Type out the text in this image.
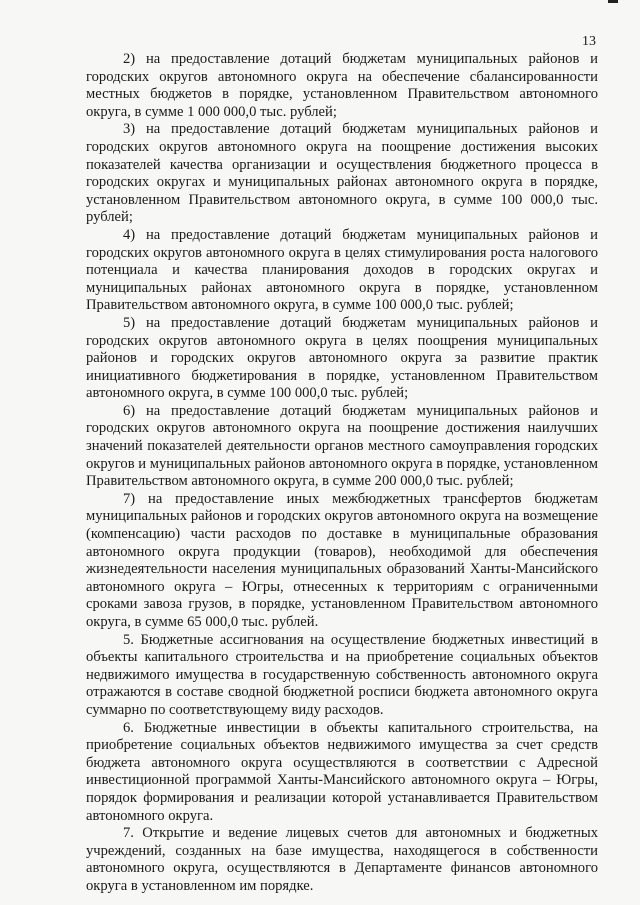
13

2) на предоставление дотаций бюджетам муниципальных районов и городских округов автономного округа на обеспечение сбалансированности местных бюджетов в порядке, установленном Правительством автономного округа, в сумме 1 000 000,0 тыс. рублей;

3) на предоставление дотаций бюджетам муниципальных районов и городских округов автономного округа на поощрение достижения высоких показателей качества организации и осуществления бюджетного процесса в городских округах и муниципальных районах автономного округа в порядке, установленном Правительством автономного округа, в сумме 100 000,0 тыс. рублей;

4) на предоставление дотаций бюджетам муниципальных районов и городских округов автономного округа в целях стимулирования роста налогового потенциала и качества планирования доходов в городских округах и муниципальных районах автономного округа в порядке, установленном Правительством автономного округа, в сумме 100 000,0 тыс. рублей;

5) на предоставление дотаций бюджетам муниципальных районов и городских округов автономного округа в целях поощрения муниципальных районов и городских округов автономного округа за развитие практик инициативного бюджетирования в порядке, установленном Правительством автономного округа, в сумме 100 000,0 тыс. рублей;

6) на предоставление дотаций бюджетам муниципальных районов и городских округов автономного округа на поощрение достижения наилучших значений показателей деятельности органов местного самоуправления городских округов и муниципальных районов автономного округа в порядке, установленном Правительством автономного округа, в сумме 200 000,0 тыс. рублей;

7) на предоставление иных межбюджетных трансфертов бюджетам муниципальных районов и городских округов автономного округа на возмещение (компенсацию) части расходов по доставке в муниципальные образования автономного округа продукции (товаров), необходимой для обеспечения жизнедеятельности населения муниципальных образований Ханты-Мансийского автономного округа – Югры, отнесенных к территориям с ограниченными сроками завоза грузов, в порядке, установленном Правительством автономного округа, в сумме 65 000,0 тыс. рублей.

5. Бюджетные ассигнования на осуществление бюджетных инвестиций в объекты капитального строительства и на приобретение социальных объектов недвижимого имущества в государственную собственность автономного округа отражаются в составе сводной бюджетной росписи бюджета автономного округа суммарно по соответствующему виду расходов.

6. Бюджетные инвестиции в объекты капитального строительства, на приобретение социальных объектов недвижимого имущества за счет средств бюджета автономного округа осуществляются в соответствии с Адресной инвестиционной программой Ханты-Мансийского автономного округа – Югры, порядок формирования и реализации которой устанавливается Правительством автономного округа.

7. Открытие и ведение лицевых счетов для автономных и бюджетных учреждений, созданных на базе имущества, находящегося в собственности автономного округа, осуществляются в Департаменте финансов автономного округа в установленном им порядке.
